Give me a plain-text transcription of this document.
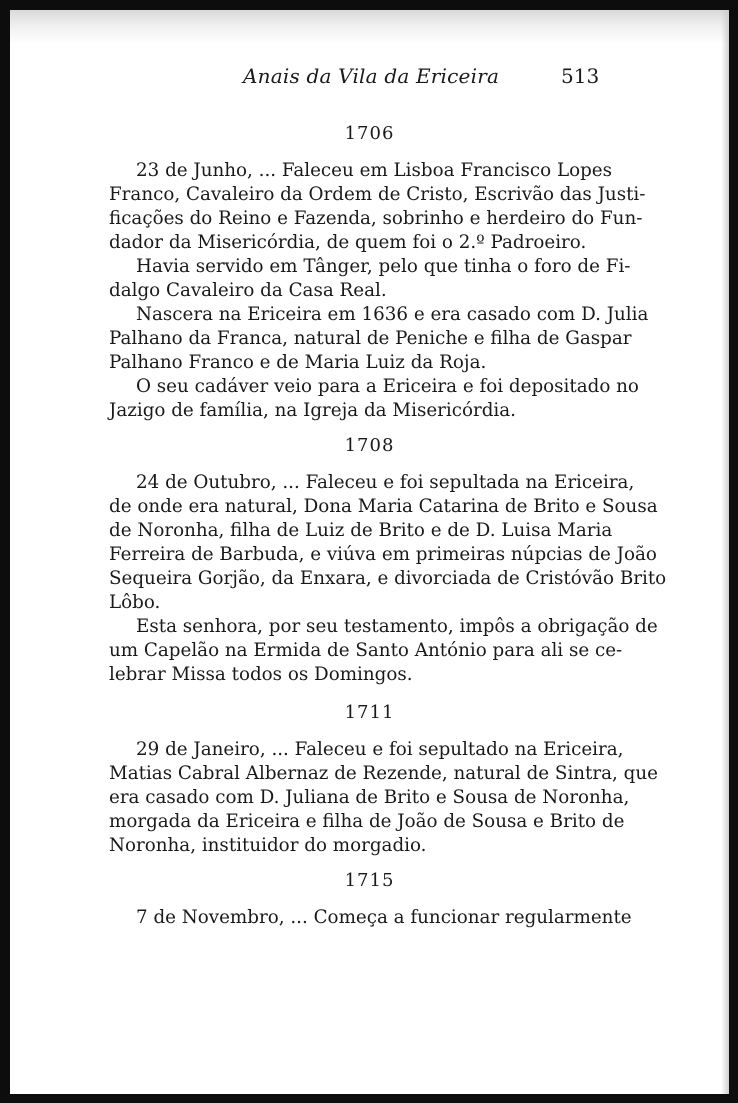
Anais da Vila da Ericeira	513
1706
23 de Junho, ... Faleceu em Lisboa Francisco Lopes
Franco, Cavaleiro da Ordem de Cristo, Escrivão das Justi-
ficações do Reino e Fazenda, sobrinho e herdeiro do Fun-
dador da Misericórdia, de quem foi o 2.º Padroeiro.
Havia servido em Tânger, pelo que tinha o foro de Fi-
dalgo Cavaleiro da Casa Real.
Nascera na Ericeira em 1636 e era casado com D. Julia
Palhano da Franca, natural de Peniche e filha de Gaspar
Palhano Franco e de Maria Luiz da Roja.
O seu cadáver veio para a Ericeira e foi depositado no
Jazigo de família, na Igreja da Misericórdia.
1708
24 de Outubro, ... Faleceu e foi sepultada na Ericeira,
de onde era natural, Dona Maria Catarina de Brito e Sousa
de Noronha, filha de Luiz de Brito e de D. Luisa Maria
Ferreira de Barbuda, e viúva em primeiras núpcias de João
Sequeira Gorjão, da Enxara, e divorciada de Cristóvão Brito
Lôbo.
Esta senhora, por seu testamento, impôs a obrigação de
um Capelão na Ermida de Santo António para ali se ce-
lebrar Missa todos os Domingos.
1711
29 de Janeiro, ... Faleceu e foi sepultado na Ericeira,
Matias Cabral Albernaz de Rezende, natural de Sintra, que
era casado com D. Juliana de Brito e Sousa de Noronha,
morgada da Ericeira e filha de João de Sousa e Brito de
Noronha, instituidor do morgadio.
1715
7 de Novembro, ... Começa a funcionar regularmente
